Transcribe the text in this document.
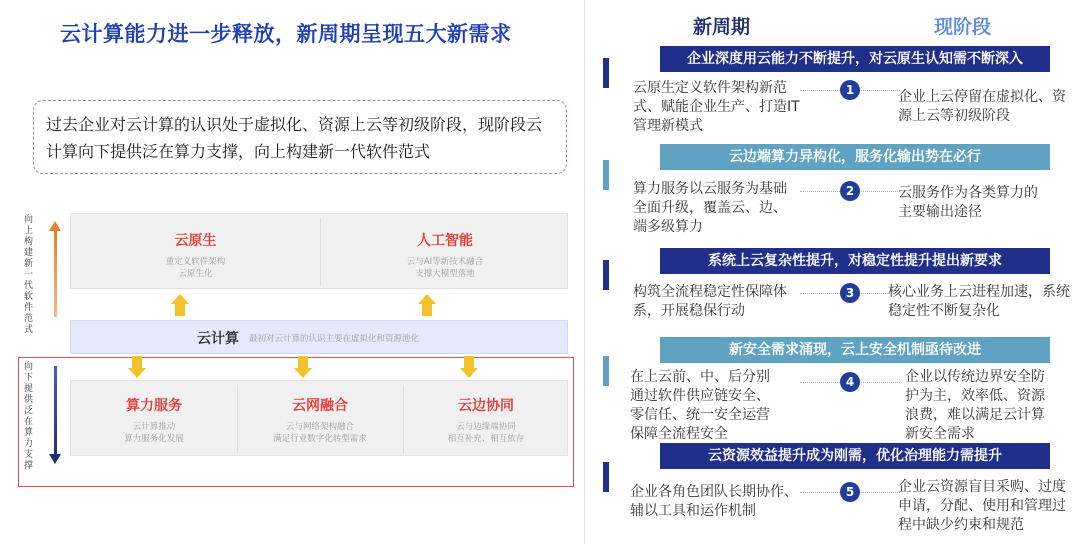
云计算能力进一步释放，新周期呈现五大新需求
过去企业对云计算的认识处于虚拟化、资源上云等初级阶段，现阶段云计算向下提供泛在算力支撑，向上构建新一代软件范式
向上构建新一代软件范式
云原生
重定义软件架构
云原生化
人工智能
云与AI等新技术融合
支撑大模型落地
云计算 最初对云计算的认识主要在虚拟化和资源池化
向下提供泛在算力支撑
算力服务
云计算推动
算力服务化发展
云网融合
云与网络架构融合
满足行业数字化转型需求
云边协同
云与边缘端协同
相互补充、相互依存
新周期	现阶段
企业深度用云能力不断提升，对云原生认知需不断深入
云原生定义软件架构新范式、赋能企业生产、打造IT管理新模式
1	企业上云停留在虚拟化、资源上云等初级阶段
云边端算力异构化，服务化输出势在必行
算力服务以云服务为基础全面升级，覆盖云、边、端多级算力
2	云服务作为各类算力的主要输出途径
系统上云复杂性提升，对稳定性提升提出新要求
构筑全流程稳定性保障体系，开展稳保行动
3	核心业务上云进程加速，系统稳定性不断复杂化
新安全需求涌现，云上安全机制亟待改进
在上云前、中、后分别通过软件供应链安全、零信任、统一安全运营保障全流程安全
4	企业以传统边界安全防护为主，效率低、资源浪费，难以满足云计算新安全需求
云资源效益提升成为刚需，优化治理能力需提升
企业各角色团队长期协作、辅以工具和运作机制
5	企业云资源盲目采购、过度申请，分配、使用和管理过程中缺少约束和规范
